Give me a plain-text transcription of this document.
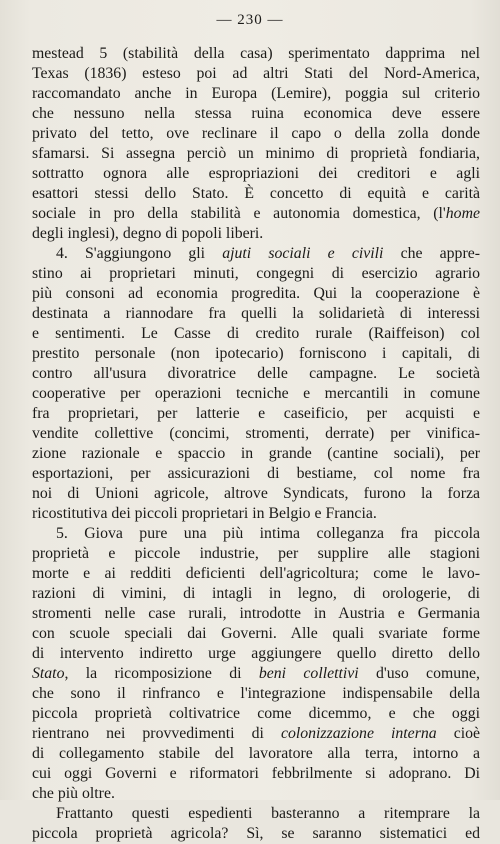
— 230 —
mestead 5 (stabilità della casa) sperimentato dapprima nel
Texas (1836) esteso poi ad altri Stati del Nord-America,
raccomandato anche in Europa (Lemire), poggia sul criterio
che nessuno nella stessa ruina economica deve essere
privato del tetto, ove reclinare il capo o della zolla donde
sfamarsi. Si assegna perciò un minimo di proprietà fondiaria,
sottratto ognora alle espropriazioni dei creditori e agli
esattori stessi dello Stato. È concetto di equità e carità
sociale in pro della stabilità e autonomia domestica, (l'home
degli inglesi), degno di popoli liberi.
4. S'aggiungono gli ajuti sociali e civili che appre-
stino ai proprietari minuti, congegni di esercizio agrario
più consoni ad economia progredita. Qui la cooperazione è
destinata a riannodare fra quelli la solidarietà di interessi
e sentimenti. Le Casse di credito rurale (Raiffeison) col
prestito personale (non ipotecario) forniscono i capitali, di
contro all'usura divoratrice delle campagne. Le società
cooperative per operazioni tecniche e mercantili in comune
fra proprietari, per latterie e caseificio, per acquisti e
vendite collettive (concimi, stromenti, derrate) per vinifica-
zione razionale e spaccio in grande (cantine sociali), per
esportazioni, per assicurazioni di bestiame, col nome fra
noi di Unioni agricole, altrove Syndicats, furono la forza
ricostitutiva dei piccoli proprietari in Belgio e Francia.
5. Giova pure una più intima colleganza fra piccola
proprietà e piccole industrie, per supplire alle stagioni
morte e ai redditi deficienti dell'agricoltura; come le lavo-
razioni di vimini, di intagli in legno, di orologerie, di
stromenti nelle case rurali, introdotte in Austria e Germania
con scuole speciali dai Governi. Alle quali svariate forme
di intervento indiretto urge aggiungere quello diretto dello
Stato, la ricomposizione di beni collettivi d'uso comune,
che sono il rinfranco e l'integrazione indispensabile della
piccola proprietà coltivatrice come dicemmo, e che oggi
rientrano nei provvedimenti di colonizzazione interna cioè
di collegamento stabile del lavoratore alla terra, intorno a
cui oggi Governi e riformatori febbrilmente si adoprano. Di
che più oltre.
Frattanto questi espedienti basteranno a ritemprare la
piccola proprietà agricola? Sì, se saranno sistematici ed
